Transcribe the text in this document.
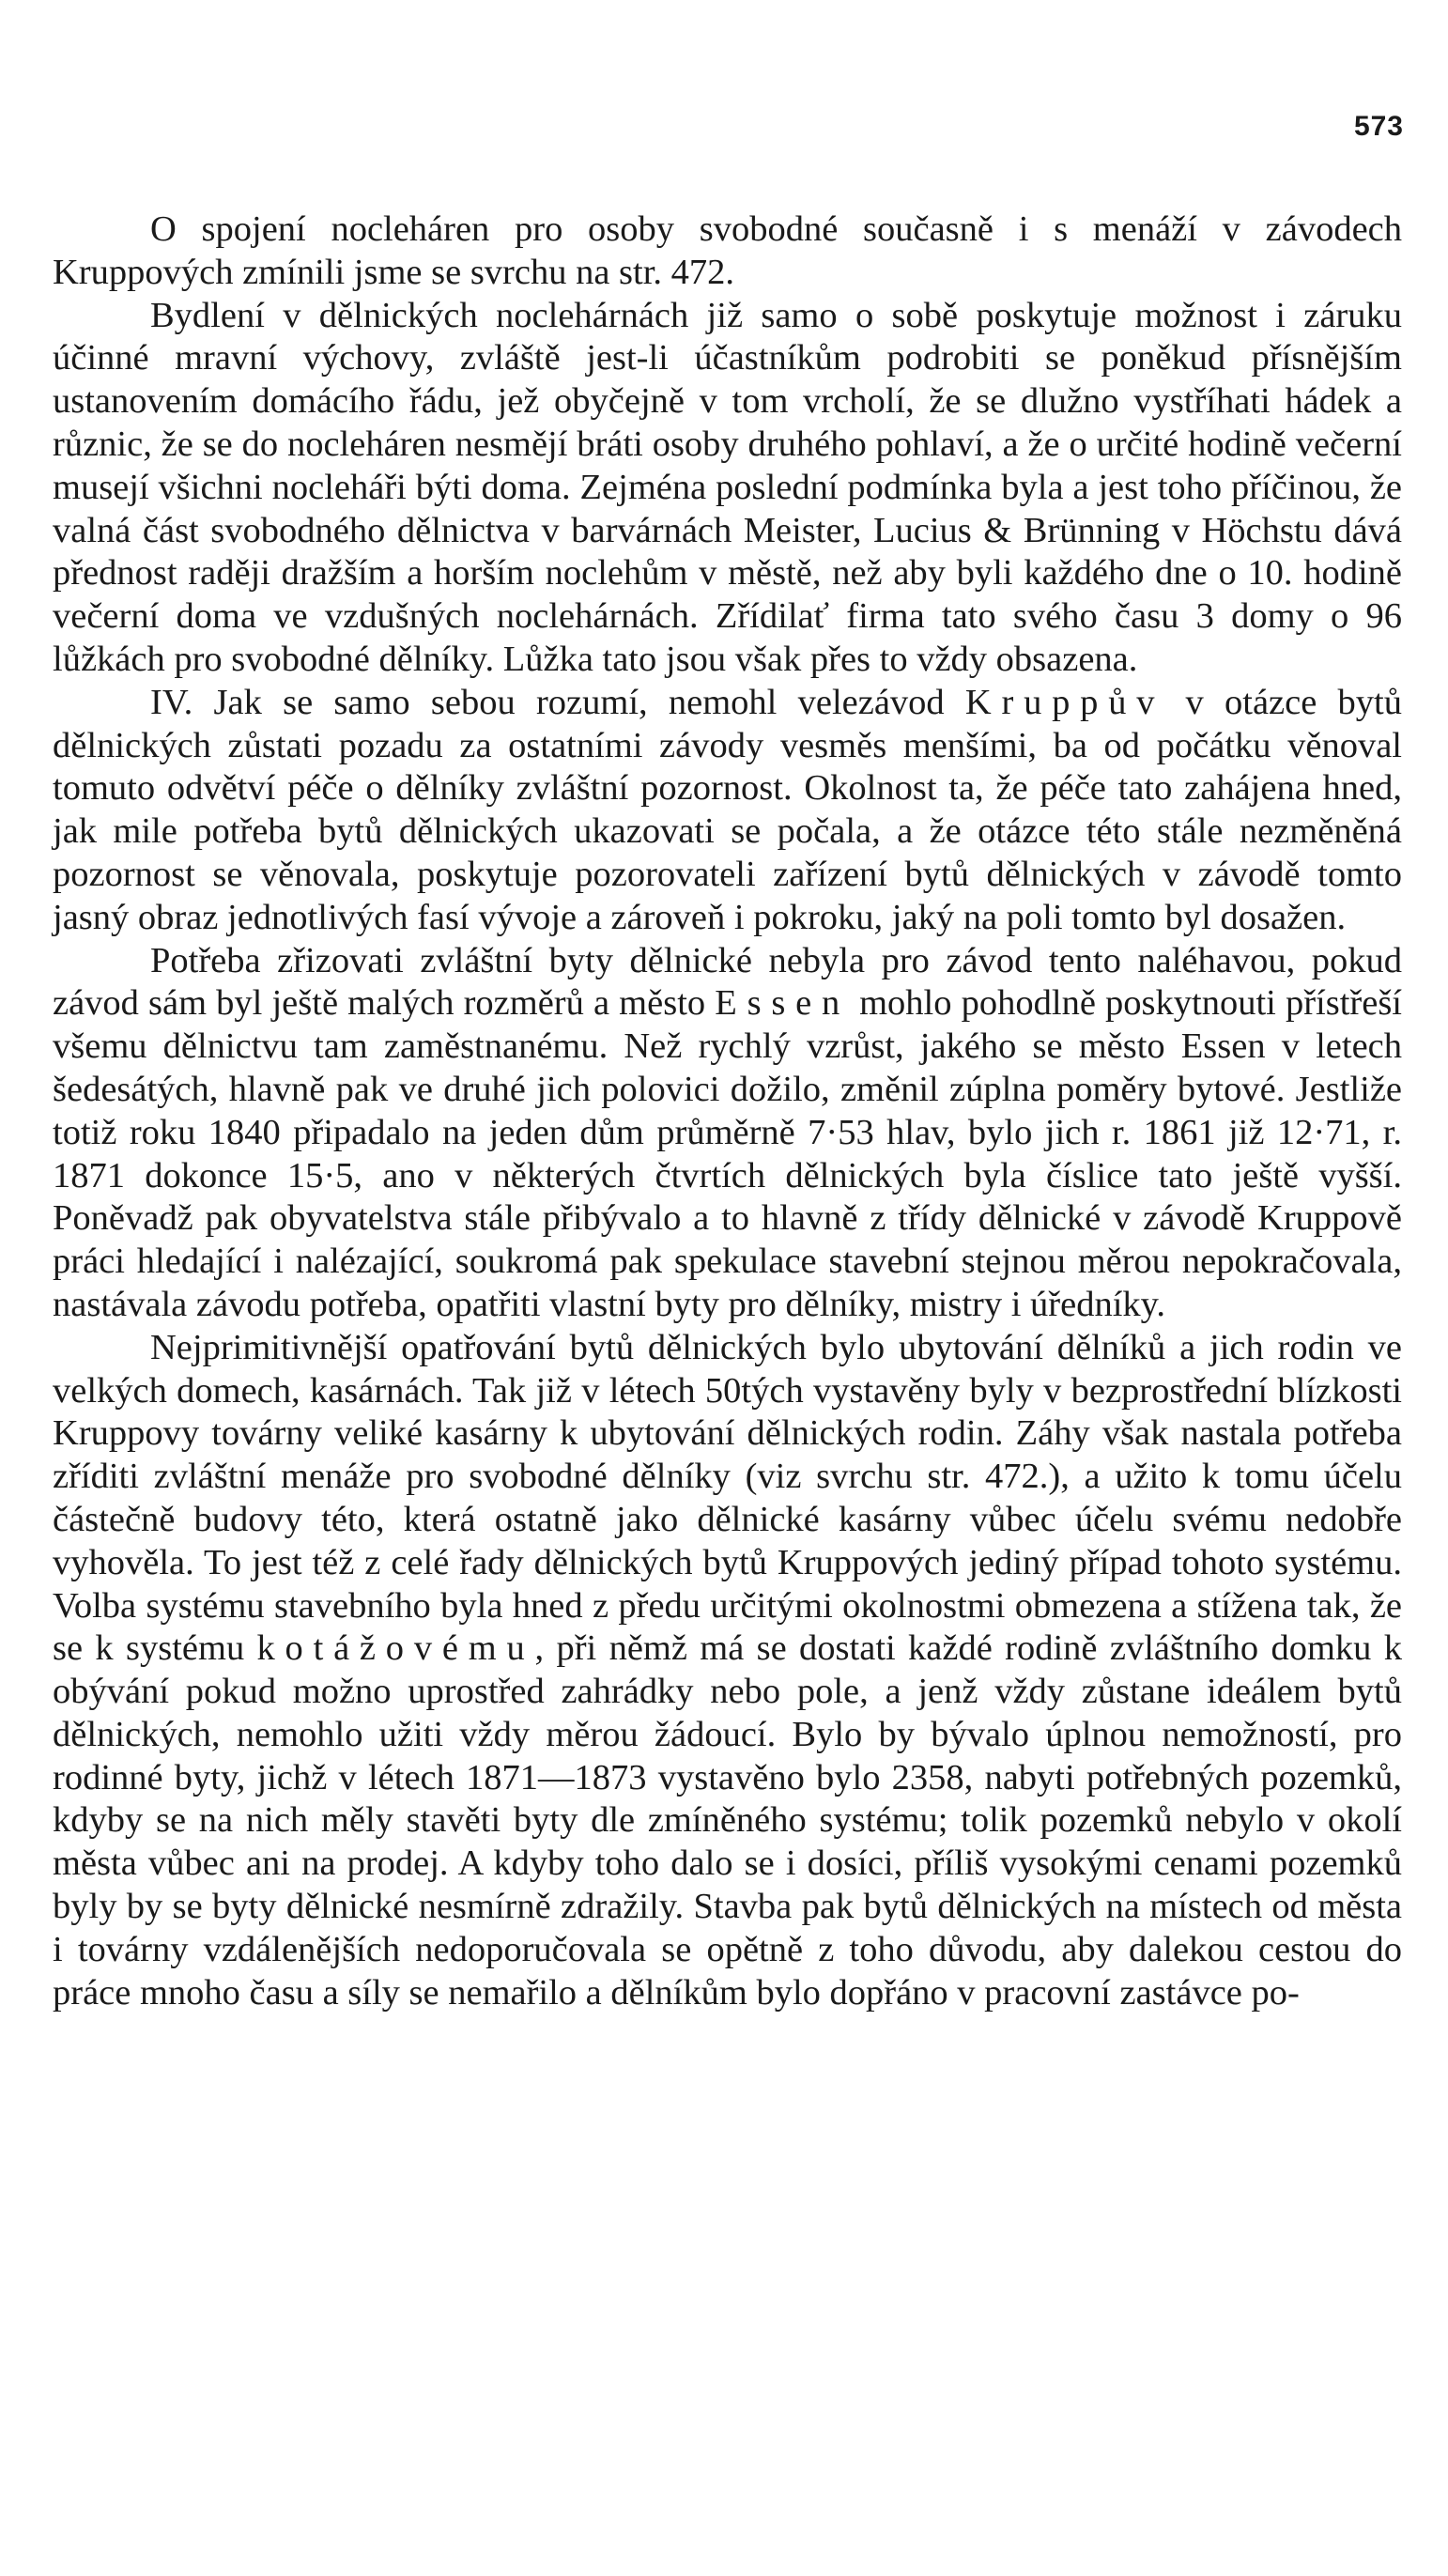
573

O spojení nocleháren pro osoby svobodné současně i s menáží v závodech Kruppových zmínili jsme se svrchu na str. 472.

Bydlení v dělnických noclehárnách již samo o sobě poskytuje možnost i záruku účinné mravní výchovy, zvláště jest-li účastníkům podrobiti se poněkud přísnějším ustanovením domácího řádu, jež obyčejně v tom vrcholí, že se dlužno vystříhati hádek a různic, že se do nocleháren nesmějí bráti osoby druhého pohlaví, a že o určité hodině večerní musejí všichni nocleháři býti doma. Zejména poslední podmínka byla a jest toho příčinou, že valná část svobodného dělnictva v barvárnách Meister, Lucius & Brünning v Höchstu dává přednost raději dražším a horším noclehům v městě, než aby byli každého dne o 10. hodině večerní doma ve vzdušných noclehárnách. Zřídilať firma tato svého času 3 domy o 96 lůžkách pro svobodné dělníky. Lůžka tato jsou však přes to vždy obsazena.

IV. Jak se samo sebou rozumí, nemohl velezávod Kruppův v otázce bytů dělnických zůstati pozadu za ostatními závody vesměs menšími, ba od počátku věnoval tomuto odvětví péče o dělníky zvláštní pozornost. Okolnost ta, že péče tato zahájena hned, jak mile potřeba bytů dělnických ukazovati se počala, a že otázce této stále nezměněná pozornost se věnovala, poskytuje pozorovateli zařízení bytů dělnických v závodě tomto jasný obraz jednotlivých fasí vývoje a zároveň i pokroku, jaký na poli tomto byl dosažen.

Potřeba zřizovati zvláštní byty dělnické nebyla pro závod tento naléhavou, pokud závod sám byl ještě malých rozměrů a město Essen mohlo pohodlně poskytnouti přístřeší všemu dělnictvu tam zaměstnanému. Než rychlý vzrůst, jakého se město Essen v letech šedesátých, hlavně pak ve druhé jich polovici dožilo, změnil zúplna poměry bytové. Jestliže totiž roku 1840 připadalo na jeden dům průměrně 7·53 hlav, bylo jich r. 1861 již 12·71, r. 1871 dokonce 15·5, ano v některých čtvrtích dělnických byla číslice tato ještě vyšší. Poněvadž pak obyvatelstva stále přibývalo a to hlavně z třídy dělnické v závodě Kruppově práci hledající i nalézající, soukromá pak spekulace stavební stejnou měrou nepokračovala, nastávala závodu potřeba, opatřiti vlastní byty pro dělníky, mistry i úředníky.

Nejprimitivnější opatřování bytů dělnických bylo ubytování dělníků a jich rodin ve velkých domech, kasárnách. Tak již v létech 50tých vystavěny byly v bezprostřední blízkosti Kruppovy továrny veliké kasárny k ubytování dělnických rodin. Záhy však nastala potřeba zříditi zvláštní menáže pro svobodné dělníky (viz svrchu str. 472.), a užito k tomu účelu částečně budovy této, která ostatně jako dělnické kasárny vůbec účelu svému nedobře vyhověla. To jest též z celé řady dělnických bytů Kruppových jediný případ tohoto systému. Volba systému stavebního byla hned z předu určitými okolnostmi obmezena a stížena tak, že se k systému kotážovému, při němž má se dostati každé rodině zvláštního domku k obývání pokud možno uprostřed zahrádky nebo pole, a jenž vždy zůstane ideálem bytů dělnických, nemohlo užiti vždy měrou žádoucí. Bylo by bývalo úplnou nemožností, pro rodinné byty, jichž v létech 1871—1873 vystavěno bylo 2358, nabyti potřebných pozemků, kdyby se na nich měly stavěti byty dle zmíněného systému; tolik pozemků nebylo v okolí města vůbec ani na prodej. A kdyby toho dalo se i dosíci, příliš vysokými cenami pozemků byly by se byty dělnické nesmírně zdražily. Stavba pak bytů dělnických na místech od města i továrny vzdálenějších nedoporučovala se opětně z toho důvodu, aby dalekou cestou do práce mnoho času a síly se nemařilo a dělníkům bylo dopřáno v pracovní zastávce po-
